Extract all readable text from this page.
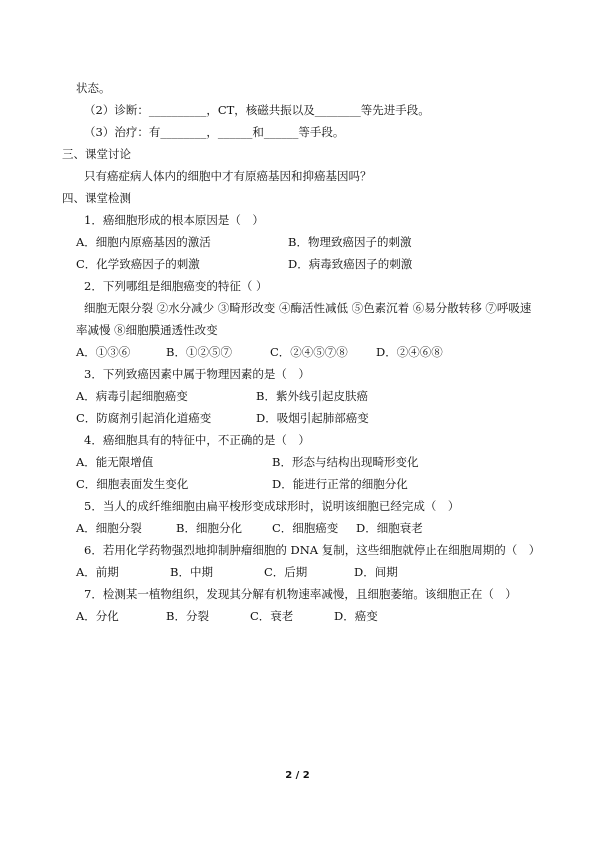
状态。
（2）诊断：__________，CT，核磁共振以及________等先进手段。
（3）治疗：有________，______和______等手段。
三、课堂讨论
只有癌症病人体内的细胞中才有原癌基因和抑癌基因吗？
四、课堂检测
1．癌细胞形成的根本原因是（　）
A．细胞内原癌基因的激活	B．物理致癌因子的刺激
C．化学致癌因子的刺激	D．病毒致癌因子的刺激
2．下列哪组是细胞癌变的特征（ ）
细胞无限分裂 ②水分减少 ③畸形改变 ④酶活性减低 ⑤色素沉着 ⑥易分散转移 ⑦呼吸速
率减慢 ⑧细胞膜通透性改变
A．①③⑥	B．①②⑤⑦	C．②④⑤⑦⑧ D．②④⑥⑧
3．下列致癌因素中属于物理因素的是（　）
A．病毒引起细胞癌变	B．紫外线引起皮肤癌
C．防腐剂引起消化道癌变	D．吸烟引起肺部癌变
4．癌细胞具有的特征中，不正确的是（　）
A．能无限增值	B．形态与结构出现畸形变化
C．细胞表面发生变化	D．能进行正常的细胞分化
5．当人的成纤维细胞由扁平梭形变成球形时，说明该细胞已经完成（　）
A．细胞分裂	B．细胞分化	C．细胞癌变 D．细胞衰老
6．若用化学药物强烈地抑制肿瘤细胞的 DNA 复制，这些细胞就停止在细胞周期的（　）
A．前期	B．中期	C．后期	D．间期
7．检测某一植物组织，发现其分解有机物速率减慢，且细胞萎缩。该细胞正在（　）
A．分化	B．分裂	C．衰老	D．癌变
2 / 2
